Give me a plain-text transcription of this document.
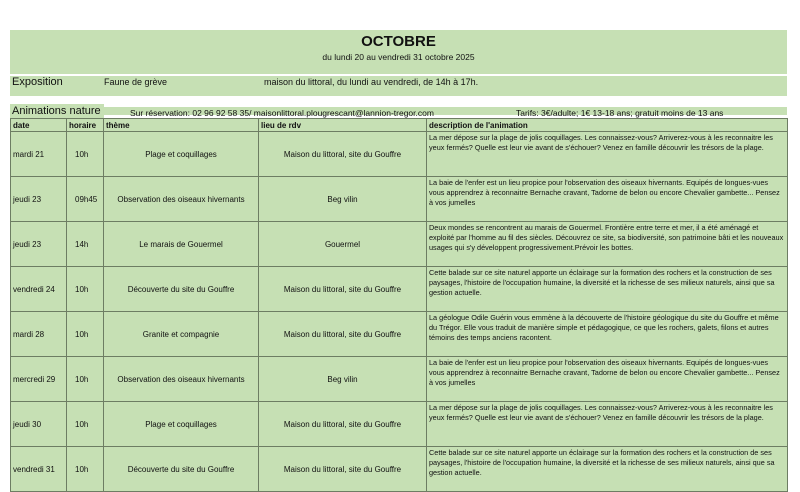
OCTOBRE
du lundi 20 au vendredi 31 octobre 2025
Exposition	Faune de grève	maison du littoral, du lundi au vendredi, de 14h à 17h.
Animations nature	Sur réservation: 02 96 92 58 35/ maisonlittoral.plougrescant@lannion-tregor.com	Tarifs: 3€/adulte; 1€ 13-18 ans; gratuit moins de 13 ans
date	horaire	thème	lieu de rdv	description de l'animation
mardi 21	10h	Plage et coquillages	Maison du littoral, site du Gouffre	La mer dépose sur la plage de jolis coquillages. Les connaissez-vous? Arriverez-vous à les reconnaitre les yeux fermés? Quelle est leur vie avant de s'échouer? Venez en famille découvrir les trésors de la plage.
jeudi 23	09h45	Observation des oiseaux hivernants	Beg vilin	La baie de l'enfer est un lieu propice pour l'observation des oiseaux hivernants. Equipés de longues-vues vous apprendrez à reconnaitre Bernache cravant, Tadorne de belon ou encore Chevalier gambette... Pensez à vos jumelles
jeudi 23	14h	Le marais de Gouermel	Gouermel	Deux mondes se rencontrent au marais de Gouermel. Frontière entre terre et mer, il a été aménagé et exploité par l'homme au fil des siècles. Découvrez ce site, sa biodiversité, son patrimoine bâti et les nouveaux usages qui s'y développent progressivement.Prévoir les bottes.
vendredi 24	10h	Découverte du site du Gouffre	Maison du littoral, site du Gouffre	Cette balade sur ce site naturel apporte un éclairage sur la formation des rochers et la construction de ses paysages, l'histoire de l'occupation humaine, la diversité et la richesse de ses milieux naturels, ainsi que sa gestion actuelle.
mardi 28	10h	Granite et compagnie	Maison du littoral, site du Gouffre	La géologue Odile Guérin vous emmène à la découverte de l'histoire géologique du site du Gouffre et même du Trégor. Elle vous traduit de manière simple et pédagogique, ce que les rochers, galets, filons et autres témoins des temps anciens racontent.
mercredi 29	10h	Observation des oiseaux hivernants	Beg vilin	La baie de l'enfer est un lieu propice pour l'observation des oiseaux hivernants. Equipés de longues-vues vous apprendrez à reconnaitre Bernache cravant, Tadorne de belon ou encore Chevalier gambette... Pensez à vos jumelles
jeudi 30	10h	Plage et coquillages	Maison du littoral, site du Gouffre	La mer dépose sur la plage de jolis coquillages. Les connaissez-vous? Arriverez-vous à les reconnaitre les yeux fermés? Quelle est leur vie avant de s'échouer? Venez en famille découvrir les trésors de la plage.
vendredi 31	10h	Découverte du site du Gouffre	Maison du littoral, site du Gouffre	Cette balade sur ce site naturel apporte un éclairage sur la formation des rochers et la construction de ses paysages, l'histoire de l'occupation humaine, la diversité et la richesse de ses milieux naturels, ainsi que sa gestion actuelle.
